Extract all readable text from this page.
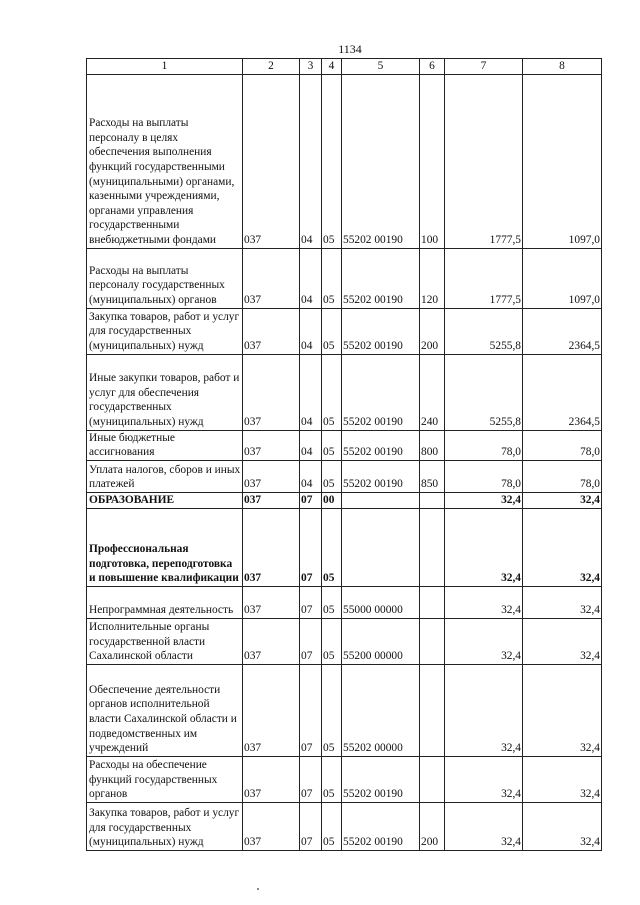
1134
1	2	3	4	5	6	7	8
Расходы на выплаты персоналу в целях обеспечения выполнения функций государственными (муниципальными) органами, казенными учреждениями, органами управления государственными внебюджетными фондами	037	04	05	55202 00190	100	1777,5	1097,0
Расходы на выплаты персоналу государственных (муниципальных) органов	037	04	05	55202 00190	120	1777,5	1097,0
Закупка товаров, работ и услуг для государственных (муниципальных) нужд	037	04	05	55202 00190	200	5255,8	2364,5
Иные закупки товаров, работ и услуг для обеспечения государственных (муниципальных) нужд	037	04	05	55202 00190	240	5255,8	2364,5
Иные бюджетные ассигнования	037	04	05	55202 00190	800	78,0	78,0
Уплата налогов, сборов и иных платежей	037	04	05	55202 00190	850	78,0	78,0
ОБРАЗОВАНИЕ	037	07	00			32,4	32,4
Профессиональная подготовка, переподготовка и повышение квалификации	037	07	05			32,4	32,4
Непрограммная деятельность	037	07	05	55000 00000		32,4	32,4
Исполнительные органы государственной власти Сахалинской области	037	07	05	55200 00000		32,4	32,4
Обеспечение деятельности органов исполнительной власти Сахалинской области и подведомственных им учреждений	037	07	05	55202 00000		32,4	32,4
Расходы на обеспечение функций государственных органов	037	07	05	55202 00190		32,4	32,4
Закупка товаров, работ и услуг для государственных (муниципальных) нужд	037	07	05	55202 00190	200	32,4	32,4
